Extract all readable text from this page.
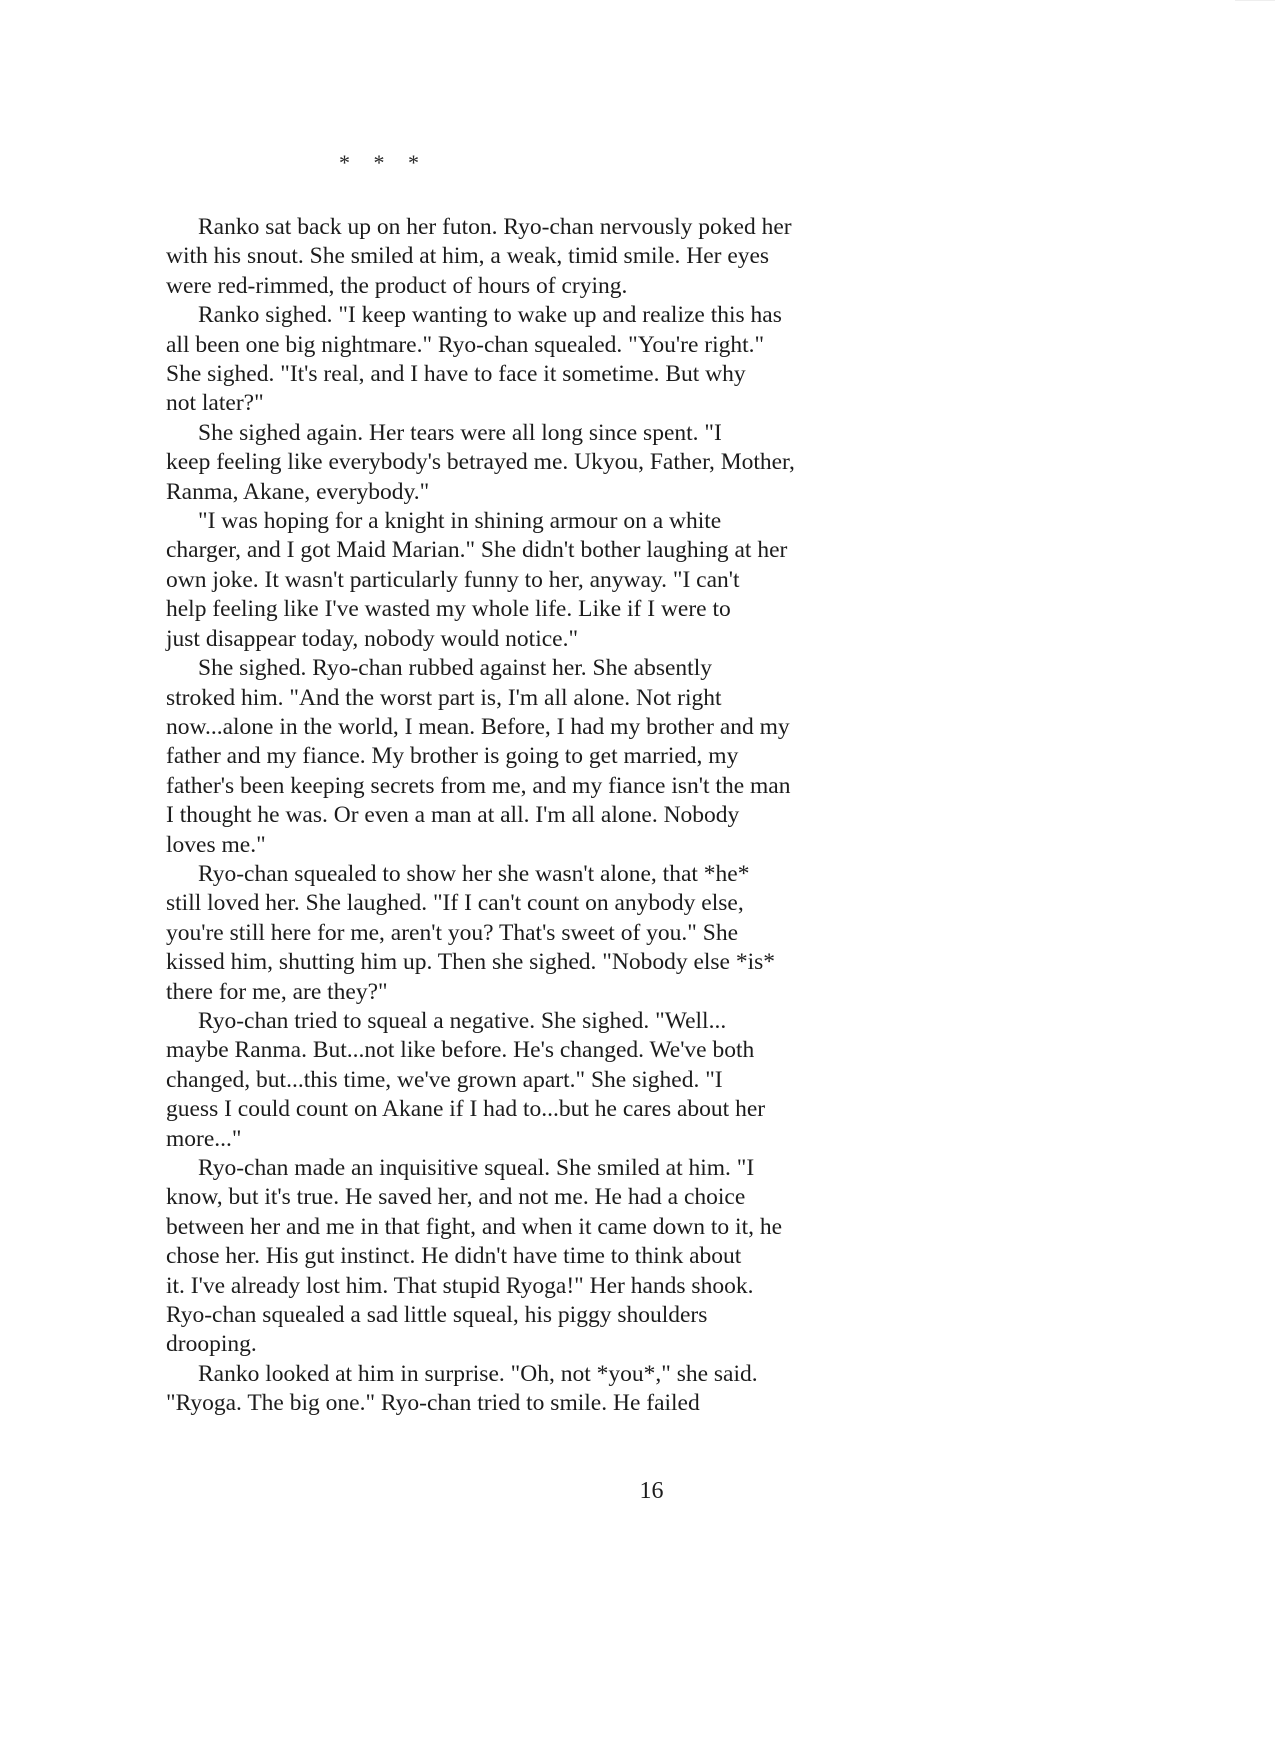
* * *
Ranko sat back up on her futon. Ryo-chan nervously poked her
with his snout. She smiled at him, a weak, timid smile. Her eyes
were red-rimmed, the product of hours of crying.
Ranko sighed. "I keep wanting to wake up and realize this has
all been one big nightmare." Ryo-chan squealed. "You're right."
She sighed. "It's real, and I have to face it sometime. But why
not later?"
She sighed again. Her tears were all long since spent. "I
keep feeling like everybody's betrayed me. Ukyou, Father, Mother,
Ranma, Akane, everybody."
"I was hoping for a knight in shining armour on a white
charger, and I got Maid Marian." She didn't bother laughing at her
own joke. It wasn't particularly funny to her, anyway. "I can't
help feeling like I've wasted my whole life. Like if I were to
just disappear today, nobody would notice."
She sighed. Ryo-chan rubbed against her. She absently
stroked him. "And the worst part is, I'm all alone. Not right
now...alone in the world, I mean. Before, I had my brother and my
father and my fiance. My brother is going to get married, my
father's been keeping secrets from me, and my fiance isn't the man
I thought he was. Or even a man at all. I'm all alone. Nobody
loves me."
Ryo-chan squealed to show her she wasn't alone, that *he*
still loved her. She laughed. "If I can't count on anybody else,
you're still here for me, aren't you? That's sweet of you." She
kissed him, shutting him up. Then she sighed. "Nobody else *is*
there for me, are they?"
Ryo-chan tried to squeal a negative. She sighed. "Well...
maybe Ranma. But...not like before. He's changed. We've both
changed, but...this time, we've grown apart." She sighed. "I
guess I could count on Akane if I had to...but he cares about her
more..."
Ryo-chan made an inquisitive squeal. She smiled at him. "I
know, but it's true. He saved her, and not me. He had a choice
between her and me in that fight, and when it came down to it, he
chose her. His gut instinct. He didn't have time to think about
it. I've already lost him. That stupid Ryoga!" Her hands shook.
Ryo-chan squealed a sad little squeal, his piggy shoulders
drooping.
Ranko looked at him in surprise. "Oh, not *you*," she said.
"Ryoga. The big one." Ryo-chan tried to smile. He failed
16
